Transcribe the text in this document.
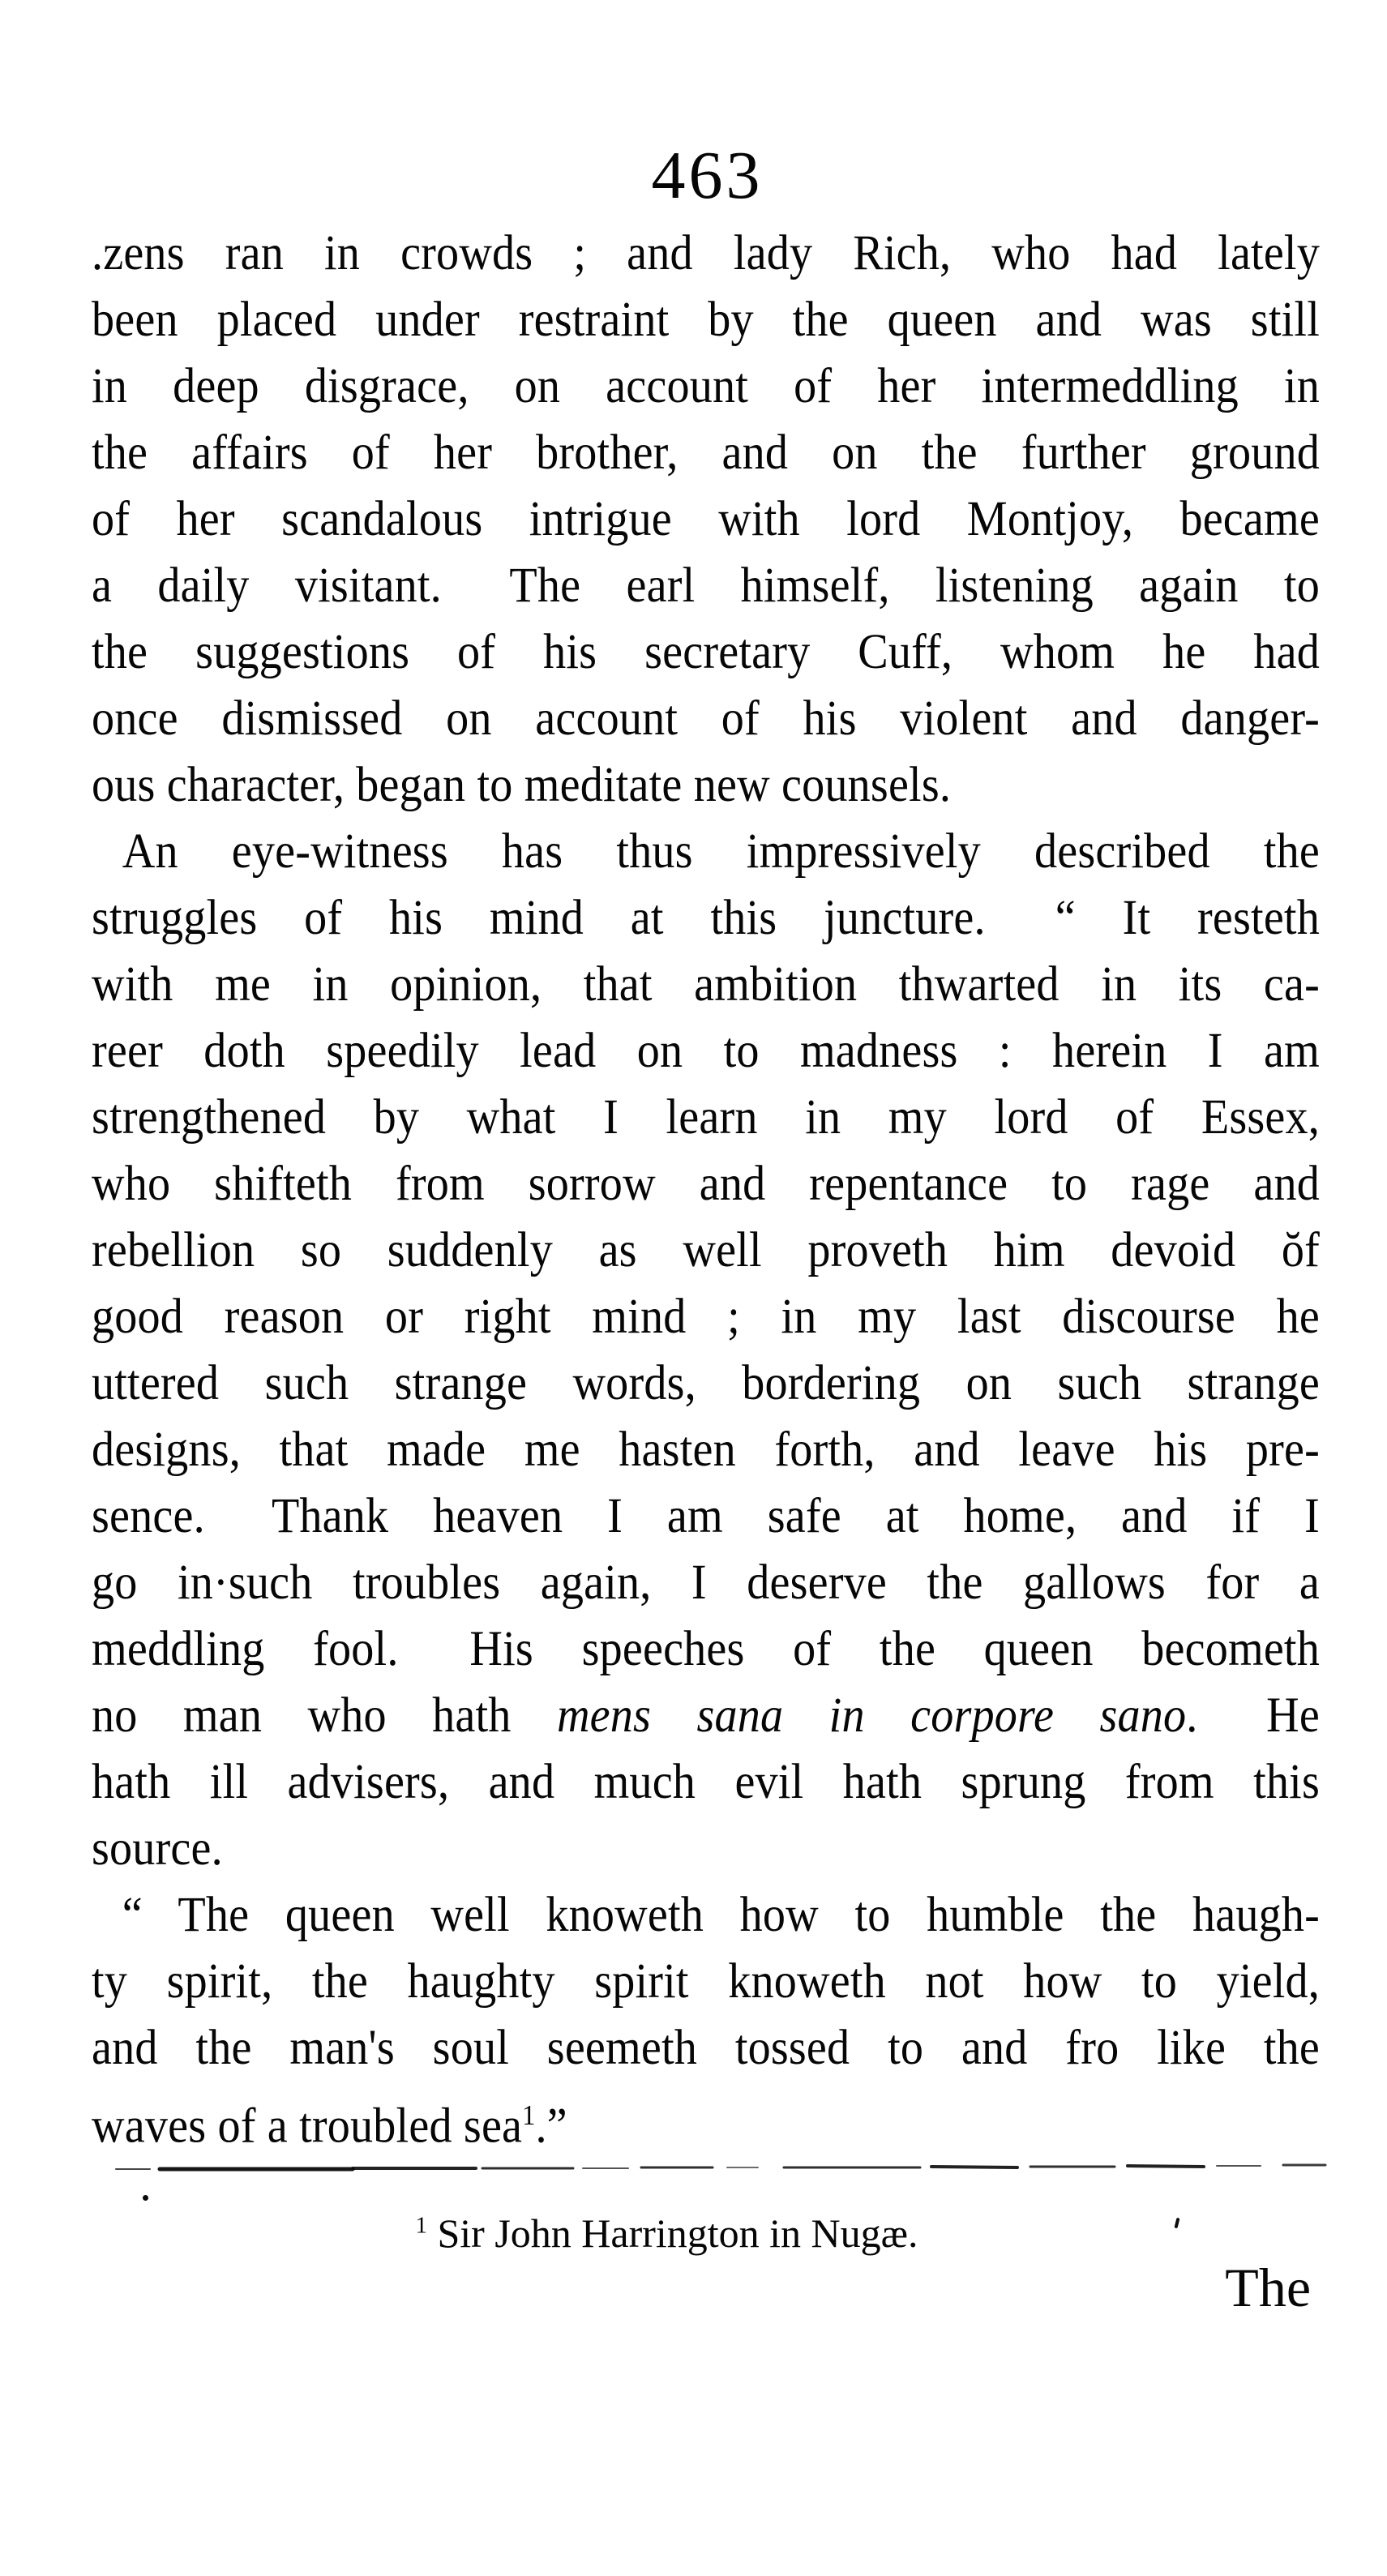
463
.zens ran in crowds ; and lady Rich, who had lately
been placed under restraint by the queen and was still
in deep disgrace, on account of her intermeddling in
the affairs of her brother, and on the further ground
of her scandalous intrigue with lord Montjoy, became
a daily visitant.  The earl himself, listening again to
the suggestions of his secretary Cuff, whom he had
once dismissed on account of his violent and danger-
ous character, began to meditate new counsels.
An eye-witness has thus impressively described the
struggles of his mind at this juncture.  “ It resteth
with me in opinion, that ambition thwarted in its ca-
reer doth speedily lead on to madness : herein I am
strengthened by what I learn in my lord of Essex,
who shifteth from sorrow and repentance to rage and
rebellion so suddenly as well proveth him devoid ŏf
good reason or right mind ; in my last discourse he
uttered such strange words, bordering on such strange
designs, that made me hasten forth, and leave his pre-
sence.  Thank heaven I am safe at home, and if I
go in·such troubles again, I deserve the gallows for a
meddling fool.  His speeches of the queen becometh
no man who hath mens sana in corpore sano.  He
hath ill advisers, and much evil hath sprung from this
source.
“ The queen well knoweth how to humble the haugh-
ty spirit, the haughty spirit knoweth not how to yield,
and the man's soul seemeth tossed to and fro like the
waves of a troubled sea$^1$.”
$^1$ Sir John Harrington in Nugæ.
The
